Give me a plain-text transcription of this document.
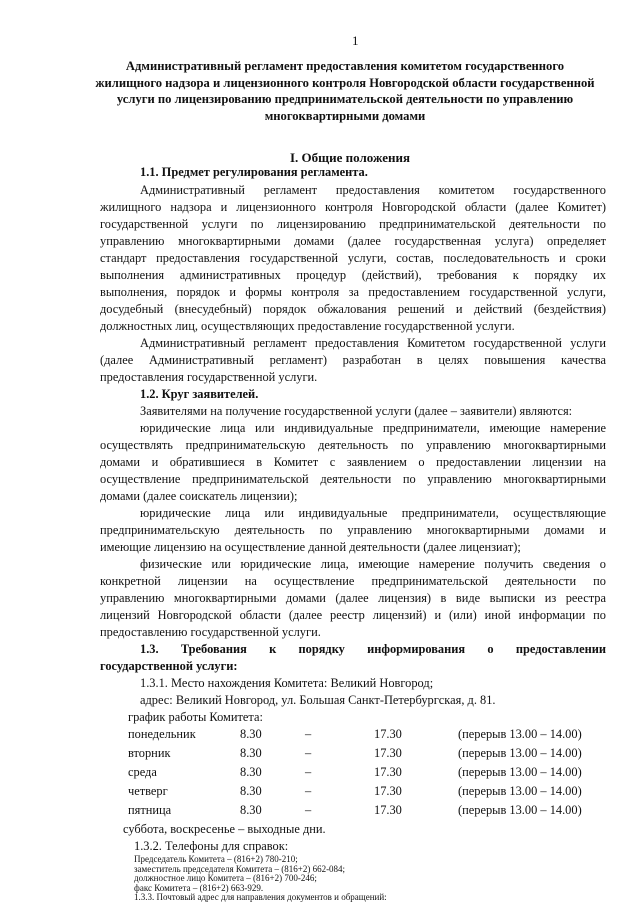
1
Административный регламент предоставления комитетом государственного жилищного надзора и лицензионного контроля Новгородской области государственной услуги по лицензированию предпринимательской деятельности по управлению многоквартирными домами
I. Общие положения
1.1. Предмет регулирования регламента.
Административный регламент предоставления комитетом государственного
жилищного надзора и лицензионного контроля Новгородской области (далее Комитет)
государственной услуги по лицензированию предпринимательской деятельности по
управлению многоквартирными домами (далее государственная услуга) определяет
стандарт предоставления государственной услуги, состав, последовательность и сроки
выполнения административных процедур (действий), требования к порядку их
выполнения, порядок и формы контроля за предоставлением государственной услуги,
досудебный (внесудебный) порядок обжалования решений и действий (бездействия)
должностных лиц, осуществляющих предоставление государственной услуги.
Административный регламент предоставления Комитетом государственной услуги
(далее Административный регламент) разработан в целях повышения качества
предоставления государственной услуги.
1.2. Круг заявителей.
Заявителями на получение государственной услуги (далее – заявители) являются:
юридические лица или индивидуальные предприниматели, имеющие намерение
осуществлять предпринимательскую деятельность по управлению многоквартирными
домами и обратившиеся в Комитет с заявлением о предоставлении лицензии на
осуществление предпринимательской деятельности по управлению многоквартирными
домами (далее соискатель лицензии);
юридические лица или индивидуальные предприниматели, осуществляющие
предпринимательскую деятельность по управлению многоквартирными домами и
имеющие лицензию на осуществление данной деятельности (далее лицензиат);
физические или юридические лица, имеющие намерение получить сведения о
конкретной лицензии на осуществление предпринимательской деятельности по
управлению многоквартирными домами (далее лицензия) в виде выписки из реестра
лицензий Новгородской области (далее реестр лицензий) и (или) иной информации по
предоставлению государственной услуги.
1.3. Требования к порядку информирования о предоставлении
государственной услуги:
1.3.1. Место нахождения Комитета: Великий Новгород;
адрес: Великий Новгород, ул. Большая Санкт-Петербургская, д. 81.
график работы Комитета:
понедельник	8.30	–	17.30	(перерыв 13.00 – 14.00)
вторник	8.30	–	17.30	(перерыв 13.00 – 14.00)
среда	8.30	–	17.30	(перерыв 13.00 – 14.00)
четверг	8.30	–	17.30	(перерыв 13.00 – 14.00)
пятница	8.30	–	17.30	(перерыв 13.00 – 14.00)
суббота, воскресенье – выходные дни.
1.3.2. Телефоны для справок:
Председатель Комитета – (816+2) 780-210;
заместитель председателя Комитета – (816+2) 662-084;
должностное лицо Комитета – (816+2) 700-246;
факс Комитета – (816+2) 663-929.
1.3.3. Почтовый адрес для направления документов и обращений:
